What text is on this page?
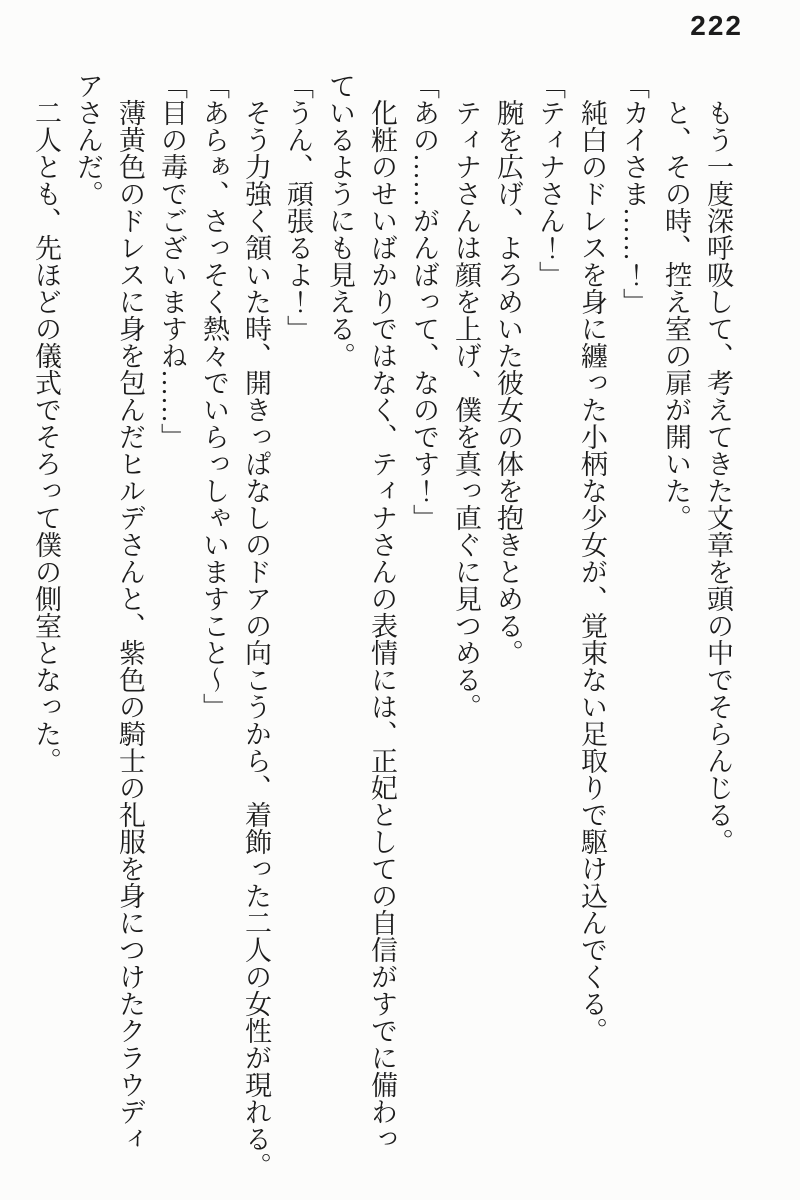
222
　もう一度深呼吸して、考えてきた文章を頭の中でそらんじる。
　と、その時、控え室の扉が開いた。
「カイさま……！」
　純白のドレスを身に纏った小柄な少女が、覚束ない足取りで駆け込んでくる。
「ティナさん！」
　腕を広げ、よろめいた彼女の体を抱きとめる。
　ティナさんは顔を上げ、僕を真っ直ぐに見つめる。
「あの……がんばって、なのです！」
　化粧のせいばかりではなく、ティナさんの表情には、正妃としての自信がすでに備わっ
ているようにも見える。
「うん、頑張るよ！」
　そう力強く頷いた時、開きっぱなしのドアの向こうから、着飾った二人の女性が現れる。
「あらぁ、さっそく熱々でいらっしゃいますこと〜」
「目の毒でございますね……」
　薄黄色のドレスに身を包んだヒルデさんと、紫色の騎士の礼服を身につけたクラウディ
アさんだ。
　二人とも、先ほどの儀式でそろって僕の側室となった。
